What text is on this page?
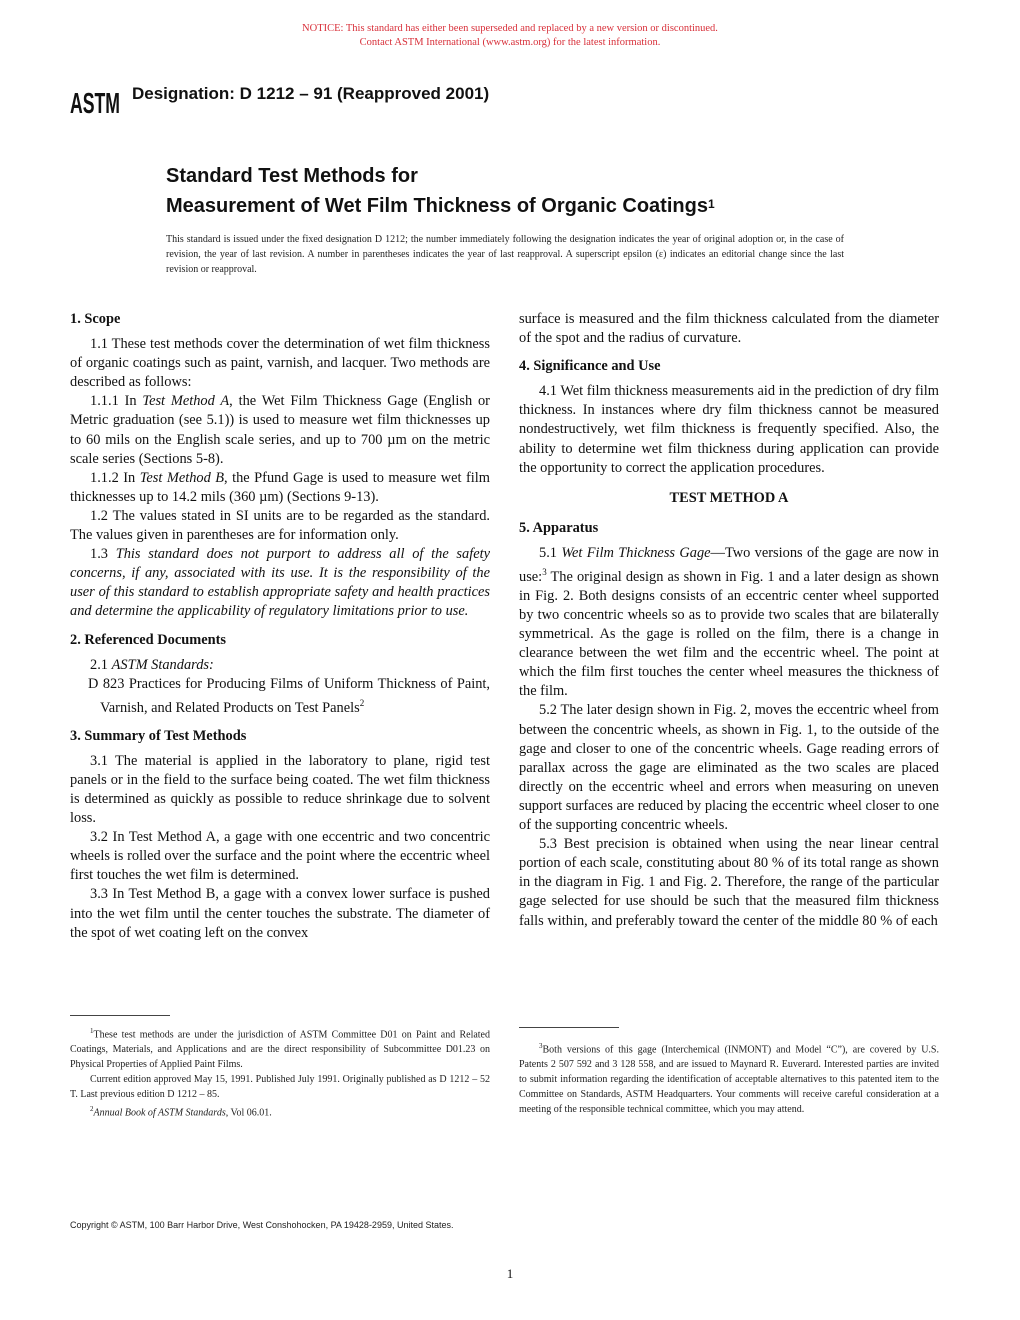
NOTICE: This standard has either been superseded and replaced by a new version or discontinued.
Contact ASTM International (www.astm.org) for the latest information.
ASTM Designation: D 1212 – 91 (Reapproved 2001)
Standard Test Methods for
Measurement of Wet Film Thickness of Organic Coatings$^1$
This standard is issued under the fixed designation D 1212; the number immediately following the designation indicates the year of original adoption or, in the case of revision, the year of last revision. A number in parentheses indicates the year of last reapproval. A superscript epsilon (ε) indicates an editorial change since the last revision or reapproval.
1. Scope

1.1 These test methods cover the determination of wet film thickness of organic coatings such as paint, varnish, and lacquer. Two methods are described as follows:

1.1.1 In Test Method A, the Wet Film Thickness Gage (English or Metric graduation (see 5.1)) is used to measure wet film thicknesses up to 60 mils on the English scale series, and up to 700 µm on the metric scale series (Sections 5-8).

1.1.2 In Test Method B, the Pfund Gage is used to measure wet film thicknesses up to 14.2 mils (360 µm) (Sections 9-13).

1.2 The values stated in SI units are to be regarded as the standard. The values given in parentheses are for information only.

1.3 This standard does not purport to address all of the safety concerns, if any, associated with its use. It is the responsibility of the user of this standard to establish appropriate safety and health practices and determine the applicability of regulatory limitations prior to use.

2. Referenced Documents

2.1 ASTM Standards:

D 823 Practices for Producing Films of Uniform Thickness of Paint, Varnish, and Related Products on Test Panels$^2$

3. Summary of Test Methods

3.1 The material is applied in the laboratory to plane, rigid test panels or in the field to the surface being coated. The wet film thickness is determined as quickly as possible to reduce shrinkage due to solvent loss.

3.2 In Test Method A, a gage with one eccentric and two concentric wheels is rolled over the surface and the point where the eccentric wheel first touches the wet film is determined.

3.3 In Test Method B, a gage with a convex lower surface is pushed into the wet film until the center touches the substrate. The diameter of the spot of wet coating left on the convex

surface is measured and the film thickness calculated from the diameter of the spot and the radius of curvature.

4. Significance and Use

4.1 Wet film thickness measurements aid in the prediction of dry film thickness. In instances where dry film thickness cannot be measured nondestructively, wet film thickness is frequently specified. Also, the ability to determine wet film thickness during application can provide the opportunity to correct the application procedures.

TEST METHOD A
5. Apparatus

5.1 Wet Film Thickness Gage—Two versions of the gage are now in use:$^3$ The original design as shown in Fig. 1 and a later design as shown in Fig. 2. Both designs consists of an eccentric center wheel supported by two concentric wheels so as to provide two scales that are bilaterally symmetrical. As the gage is rolled on the film, there is a change in clearance between the wet film and the eccentric wheel. The point at which the film first touches the center wheel measures the thickness of the film.

5.2 The later design shown in Fig. 2, moves the eccentric wheel from between the concentric wheels, as shown in Fig. 1, to the outside of the gage and closer to one of the concentric wheels. Gage reading errors of parallax across the gage are eliminated as the two scales are placed directly on the eccentric wheel and errors when measuring on uneven support surfaces are reduced by placing the eccentric wheel closer to one of the supporting concentric wheels.

5.3 Best precision is obtained when using the near linear central portion of each scale, constituting about 80 % of its total range as shown in the diagram in Fig. 1 and Fig. 2. Therefore, the range of the particular gage selected for use should be such that the measured film thickness falls within, and preferably toward the center of the middle 80 % of each

$^1$These test methods are under the jurisdiction of ASTM Committee D01 on Paint and Related Coatings, Materials, and Applications and are the direct responsibility of Subcommittee D01.23 on Physical Properties of Applied Paint Films.

Current edition approved May 15, 1991. Published July 1991. Originally published as D 1212 – 52 T. Last previous edition D 1212 – 85.

$^2$Annual Book of ASTM Standards, Vol 06.01.

$^3$Both versions of this gage (Interchemical (INMONT) and Model “C”), are covered by U.S. Patents 2 507 592 and 3 128 558, and are issued to Maynard R. Euverard. Interested parties are invited to submit information regarding the identification of acceptable alternatives to this patented item to the Committee on Standards, ASTM Headquarters. Your comments will receive careful consideration at a meeting of the responsible technical committee, which you may attend.

Copyright © ASTM, 100 Barr Harbor Drive, West Conshohocken, PA 19428-2959, United States.
1
